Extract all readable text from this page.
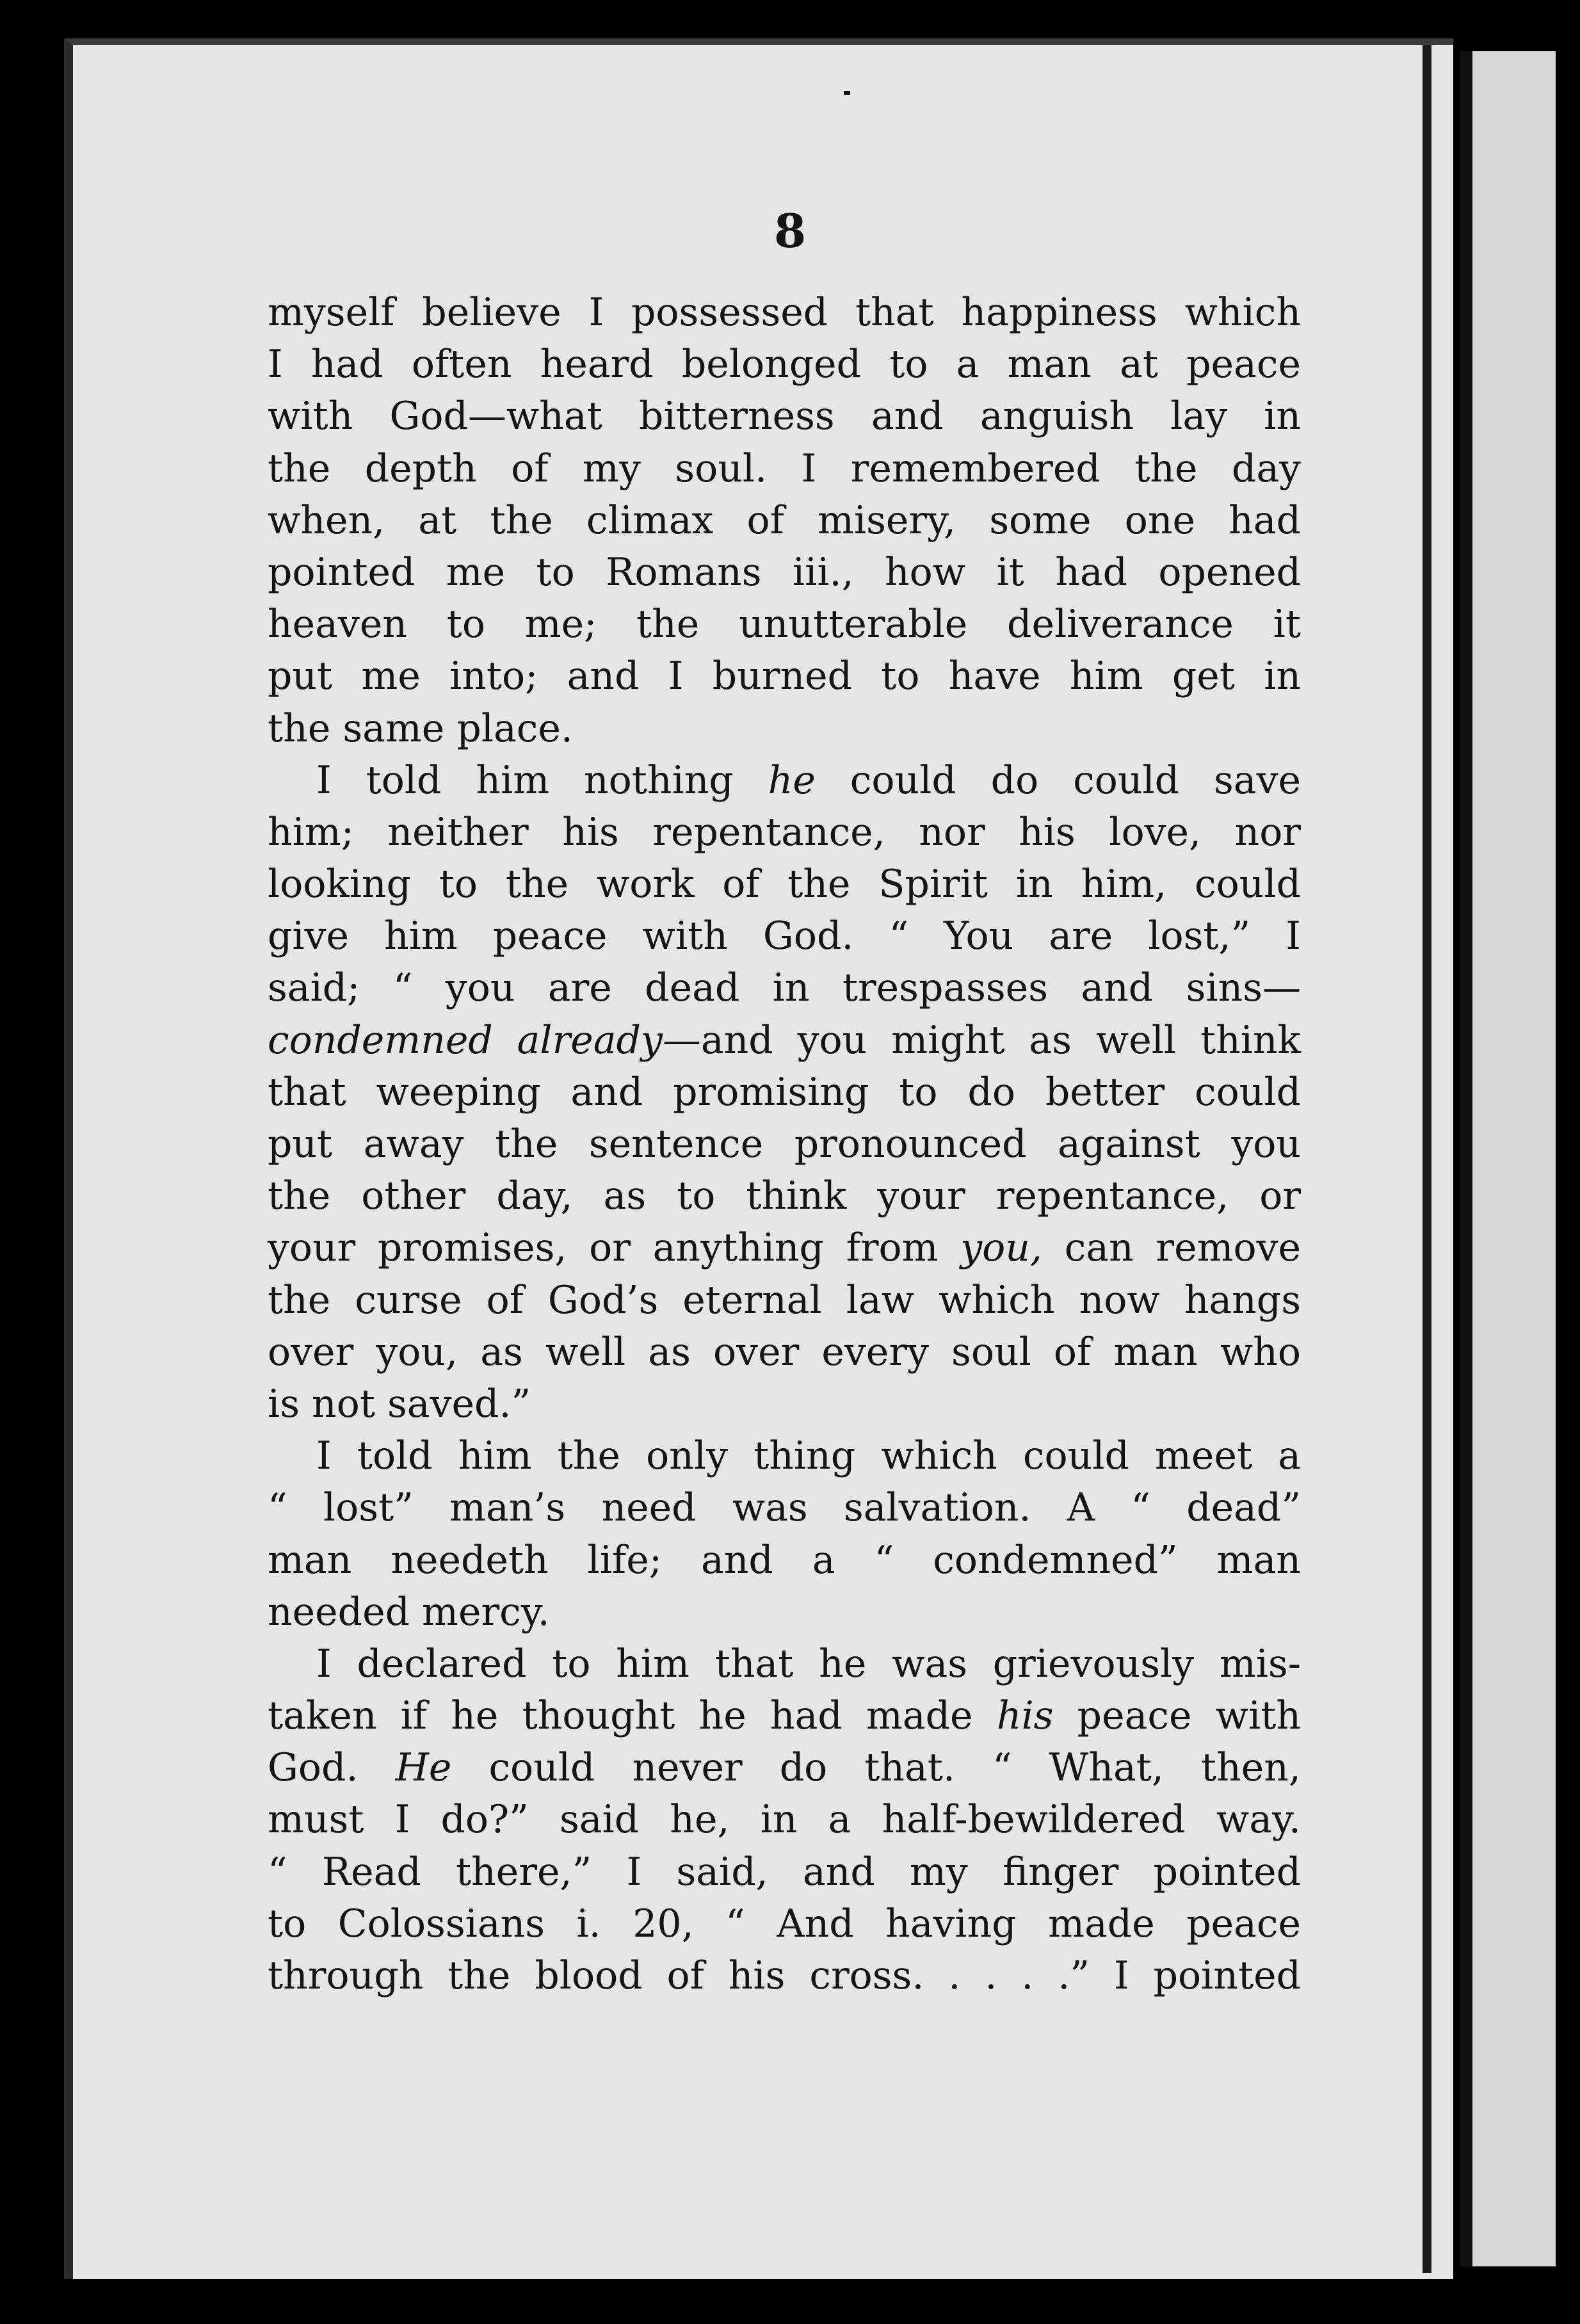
8
myself believe I possessed that happiness which
I had often heard belonged to a man at peace
with God—what bitterness and anguish lay in
the depth of my soul. I remembered the day
when, at the climax of misery, some one had
pointed me to Romans iii., how it had opened
heaven to me; the unutterable deliverance it
put me into; and I burned to have him get in
the same place.
I told him nothing he could do could save
him; neither his repentance, nor his love, nor
looking to the work of the Spirit in him, could
give him peace with God. “ You are lost,” I
said; “ you are dead in trespasses and sins—
condemned already—and you might as well think
that weeping and promising to do better could
put away the sentence pronounced against you
the other day, as to think your repentance, or
your promises, or anything from you, can remove
the curse of God’s eternal law which now hangs
over you, as well as over every soul of man who
is not saved.”
I told him the only thing which could meet a
“ lost” man’s need was salvation. A “ dead”
man needeth life; and a “ condemned” man
needed mercy.
I declared to him that he was grievously mis-
taken if he thought he had made his peace with
God. He could never do that. “ What, then,
must I do?” said he, in a half-bewildered way.
“ Read there,” I said, and my finger pointed
to Colossians i. 20, “ And having made peace
through the blood of his cross. . . . .” I pointed
